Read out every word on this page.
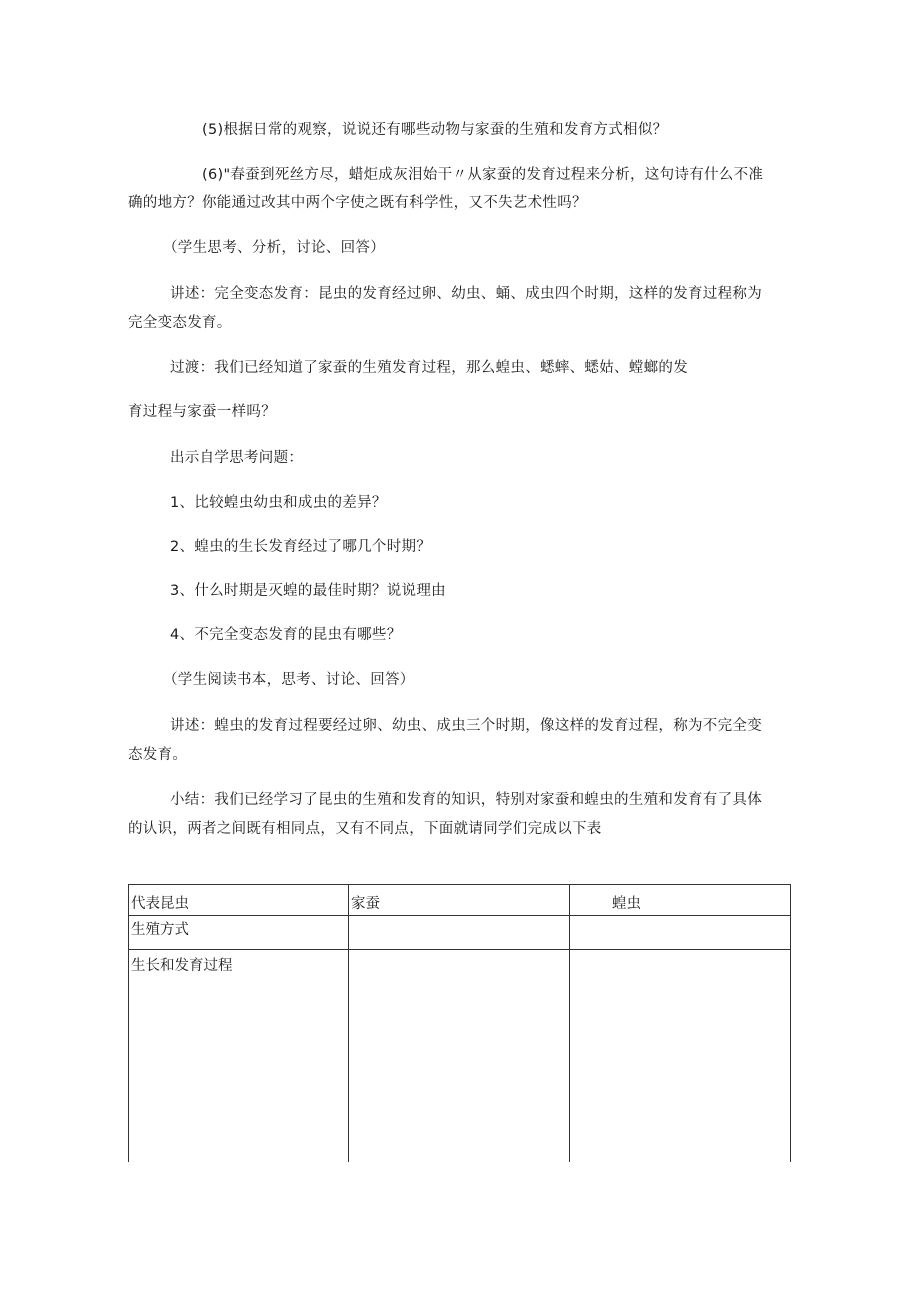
(5)根据日常的观察，说说还有哪些动物与家蚕的生殖和发育方式相似？
(6)"春蚕到死丝方尽，蜡炬成灰泪始干〃从家蚕的发育过程来分析，这句诗有什么不准
确的地方？你能通过改其中两个字使之既有科学性，又不失艺术性吗？
（学生思考、分析，讨论、回答）
讲述：完全变态发育：昆虫的发育经过卵、幼虫、蛹、成虫四个时期，这样的发育过程称为
完全变态发育。
过渡：我们已经知道了家蚕的生殖发育过程，那么蝗虫、蟋蟀、蟋姑、螳螂的发
育过程与家蚕一样吗？
出示自学思考问题：
1、比较蝗虫幼虫和成虫的差异？
2、蝗虫的生长发育经过了哪几个时期？
3、什么时期是灭蝗的最佳时期？说说理由
4、不完全变态发育的昆虫有哪些？
（学生阅读书本，思考、讨论、回答）
讲述：蝗虫的发育过程要经过卵、幼虫、成虫三个时期，像这样的发育过程，称为不完全变
态发育。
小结：我们已经学习了昆虫的生殖和发育的知识，特别对家蚕和蝗虫的生殖和发育有了具体
的认识，两者之间既有相同点，又有不同点，下面就请同学们完成以下表
代表昆虫	家蚕	蝗虫
生殖方式		
生长和发育过程		
